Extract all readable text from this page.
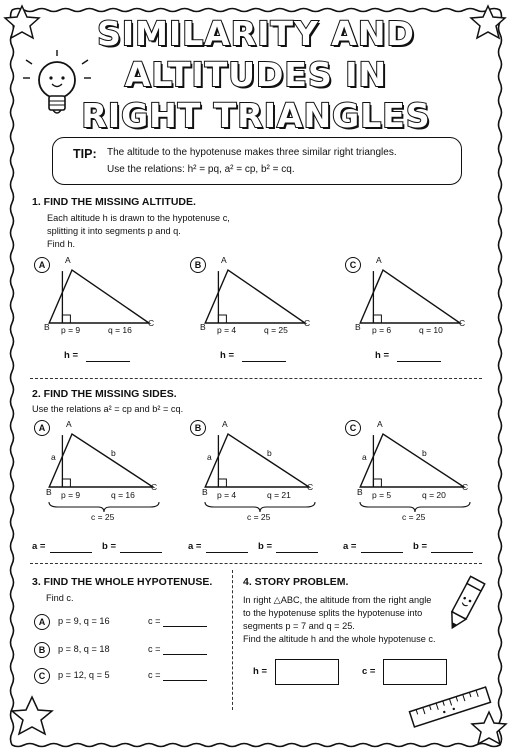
SIMILARITY AND
ALTITUDES IN
RIGHT TRIANGLES
TIP: The altitude to the hypotenuse makes three similar right triangles.
Use the relations: h² = pq, a² = cp, b² = cq.
1. FIND THE MISSING ALTITUDE.
Each altitude h is drawn to the hypotenuse c,
splitting it into segments p and q.
Find h.
2. FIND THE MISSING SIDES.
Use the relations a² = cp and b² = cq.
3. FIND THE WHOLE HYPOTENUSE.
Find c.
4. STORY PROBLEM.
In right △ABC, the altitude from the right angle
to the hypotenuse splits the hypotenuse into
segments p = 7 and q = 25.
Find the altitude h and the whole hypotenuse c.
h =	c =
A	A
B	C
p = 9	q = 16
h =
B	A
B	C
p = 4	q = 25
h =
C	A
B	C
p = 6	q = 10
h =
A	A
a	b
B	C
p = 9	q = 16
c = 25
a =	b =
B	A
a	b
B	C
p = 4	q = 21
c = 25
a =	b =
C	A
a	b
B	C
p = 5	q = 20
c = 25
a =	b =
A	p = 9, q = 16	c =
B	p = 8, q = 18	c =
C	p = 12, q = 5	c =
